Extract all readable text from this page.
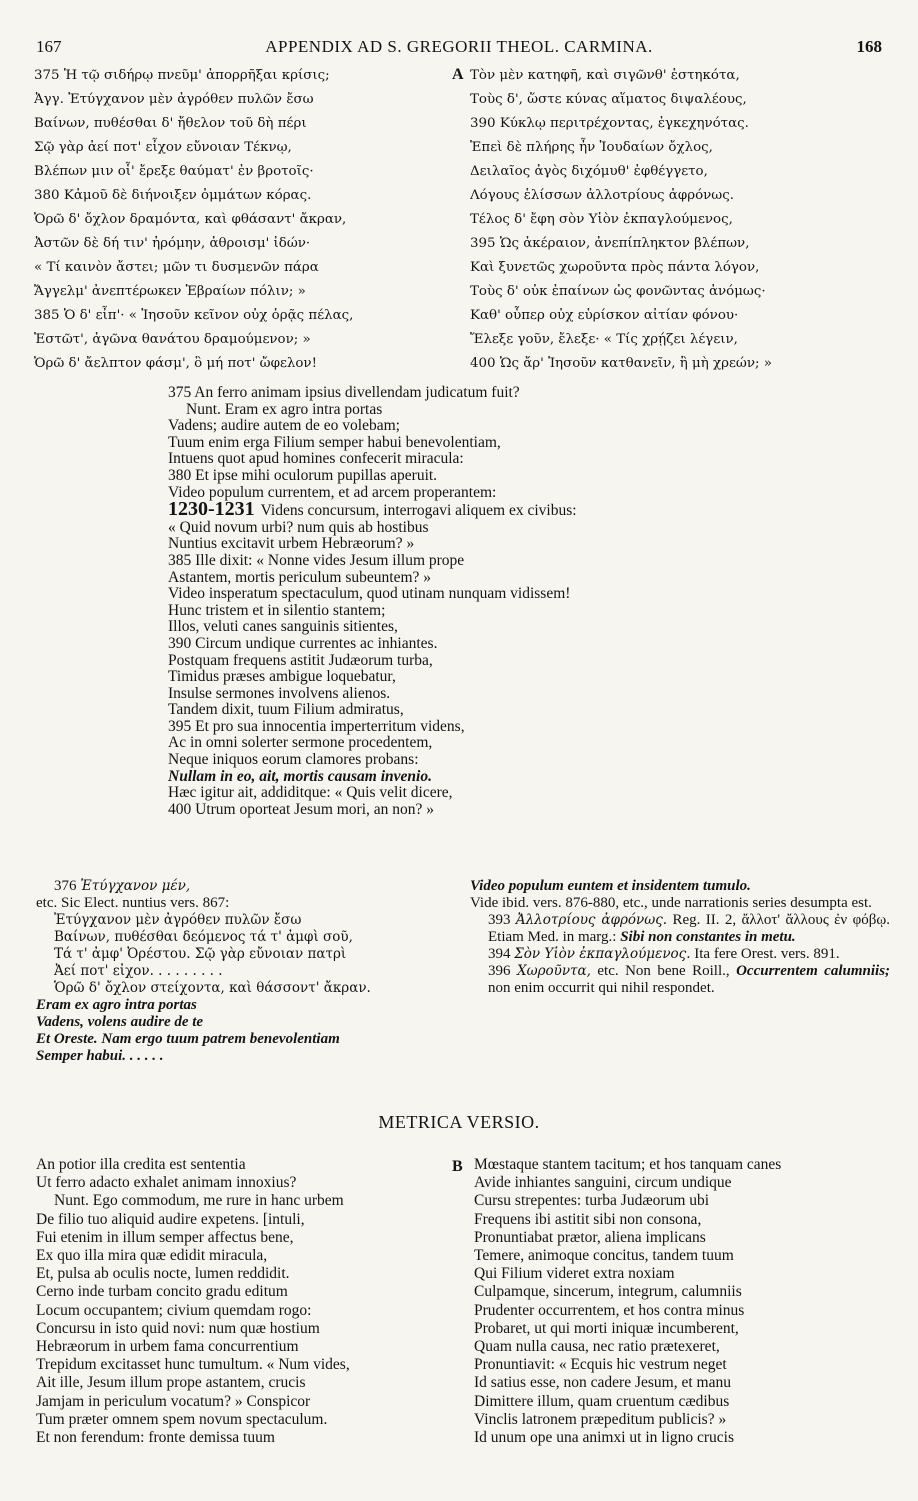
167	APPENDIX AD S. GREGORII THEOL. CARMINA.	168
375 Ἡ τῷ σιδήρῳ πνεῦμ' ἀπορρῆξαι κρίσις;
Ἀγγ. Ἐτύγχανον μὲν ἀγρόθεν πυλῶν ἔσω
Βαίνων, πυθέσθαι δ' ἤθελον τοῦ δὴ πέρι
Σῷ γὰρ ἀεί ποτ' εἶχον εὔνοιαν Τέκνῳ,
Βλέπων μιν οἷ' ἔρεξε θαύματ' ἐν βροτοῖς·
380 Κἀμοῦ δὲ διήνοιξεν ὀμμάτων κόρας.
Ὁρῶ δ' ὄχλον δραμόντα, καὶ φθάσαντ' ἄκραν,
Ἀστῶν δὲ δή τιν' ἠρόμην, ἀθροισμ' ἰδών·
« Τί καινὸν ἄστει; μῶν τι δυσμενῶν πάρα
Ἄγγελμ' ἀνεπτέρωκεν Ἑβραίων πόλιν; »
385 Ὁ δ' εἶπ'· « Ἰησοῦν κεῖνον οὐχ ὁρᾷς πέλας,
Ἑστῶτ', ἀγῶνα θανάτου δραμούμενον; »
Ὁρῶ δ' ἄελπτον φάσμ', ὃ μή ποτ' ὤφελον!
A Τὸν μὲν κατηφῆ, καὶ σιγῶνθ' ἑστηκότα,
Τοὺς δ', ὥστε κύνας αἵματος διψαλέους,
390 Κύκλῳ περιτρέχοντας, ἐγκεχηνότας.
Ἐπεὶ δὲ πλήρης ἦν Ἰουδαίων ὄχλος,
Δειλαῖος ἀγὸς διχόμυθ' ἐφθέγγετο,
Λόγους ἑλίσσων ἀλλοτρίους ἀφρόνως.
Τέλος δ' ἔφη σὸν Υἱὸν ἐκπαγλούμενος,
395 Ὡς ἀκέραιον, ἀνεπίπληκτον βλέπων,
Καὶ ξυνετῶς χωροῦντα πρὸς πάντα λόγον,
Τοὺς δ' οὐκ ἐπαίνων ὡς φονῶντας ἀνόμως·
Καθ' οὗπερ οὐχ εὑρίσκον αἰτίαν φόνου·
Ἔλεξε γοῦν, ἔλεξε· « Τίς χρῄζει λέγειν,
400 Ὡς ἄρ' Ἰησοῦν κατθανεῖν, ἢ μὴ χρεών; »
375 An ferro animam ipsius divellendam judicatum fuit?
Nunt. Eram ex agro intra portas
Vadens; audire autem de eo volebam;
Tuum enim erga Filium semper habui benevolentiam,
Intuens quot apud homines confecerit miracula:
380 Et ipse mihi oculorum pupillas aperuit.
Video populum currentem, et ad arcem properantem:
1230-1231 Videns concursum, interrogavi aliquem ex civibus:
« Quid novum urbi? num quis ab hostibus
Nuntius excitavit urbem Hebræorum? »
385 Ille dixit: « Nonne vides Jesum illum prope
Astantem, mortis periculum subeuntem? »
Video insperatum spectaculum, quod utinam nunquam vidissem!
Hunc tristem et in silentio stantem;
Illos, veluti canes sanguinis sitientes,
390 Circum undique currentes ac inhiantes.
Postquam frequens astitit Judæorum turba,
Timidus præses ambigue loquebatur,
Insulse sermones involvens alienos.
Tandem dixit, tuum Filium admiratus,
395 Et pro sua innocentia imperterritum videns,
Ac in omni solerter sermone procedentem,
Neque iniquos eorum clamores probans:
Nullam in eo, ait, mortis causam invenio.
Hæc igitur ait, addiditque: « Quis velit dicere,
400 Utrum oporteat Jesum mori, an non? »
376 Ἐτύγχανον μέν,
etc. Sic Elect. nuntius vers. 867:
Ἐτύγχανον μὲν ἀγρόθεν πυλῶν ἔσω
Βαίνων, πυθέσθαι δεόμενος τά τ' ἀμφὶ σοῦ,
Τά τ' ἀμφ' Ὀρέστου. Σῷ γὰρ εὔνοιαν πατρὶ
Ἀεί ποτ' εἶχον. . . . . . . . .
Ὁρῶ δ' ὄχλον στείχοντα, καὶ θάσσοντ' ἄκραν.
Eram ex agro intra portas
Vadens, volens audire de te
Et Oreste. Nam ergo tuum patrem benevolentiam
Semper habui. . . . . .
Video populum euntem et insidentem tumulo.
Vide ibid. vers. 876-880, etc., unde narrationis series desumpta est.
393 Ἀλλοτρίους ἀφρόνως. Reg. II. 2, ἄλλοτ' ἄλλους ἐν φόβῳ. Etiam Med. in marg.: Sibi non constantes in metu.
394 Σὸν Υἱὸν ἐκπαγλούμενος. Ita fere Orest. vers. 891.
396 Χωροῦντα, etc. Non bene Roill., Occurrentem calumniis; non enim occurrit qui nihil respondet.
METRICA VERSIO.
An potior illa credita est sententia
Ut ferro adacto exhalet animam innoxius?
Nunt. Ego commodum, me rure in hanc urbem
De filio tuo aliquid audire expetens. [intuli,
Fui etenim in illum semper affectus bene,
Ex quo illa mira quæ edidit miracula,
Et, pulsa ab oculis nocte, lumen reddidit.
Cerno inde turbam concito gradu editum
Locum occupantem; civium quemdam rogo:
Concursu in isto quid novi: num quæ hostium
Hebræorum in urbem fama concurrentium
Trepidum excitasset hunc tumultum. « Num vides,
Ait ille, Jesum illum prope astantem, crucis
Jamjam in periculum vocatum? » Conspicor
Tum præter omnem spem novum spectaculum.
Et non ferendum: fronte demissa tuum
B Mœstaque stantem tacitum; et hos tanquam canes
Avide inhiantes sanguini, circum undique
Cursu strepentes: turba Judæorum ubi
Frequens ibi astitit sibi non consona,
Pronuntiabat prætor, aliena implicans
Temere, animoque concitus, tandem tuum
Qui Filium videret extra noxiam
Culpamque, sincerum, integrum, calumniis
Prudenter occurrentem, et hos contra minus
Probaret, ut qui morti iniquæ incumberent,
Quam nulla causa, nec ratio prætexeret,
Pronuntiavit: « Ecquis hic vestrum neget
Id satius esse, non cadere Jesum, et manu
Dimittere illum, quam cruentum cædibus
Vinclis latronem præpeditum publicis? »
Id unum ope una animxi ut in ligno crucis
